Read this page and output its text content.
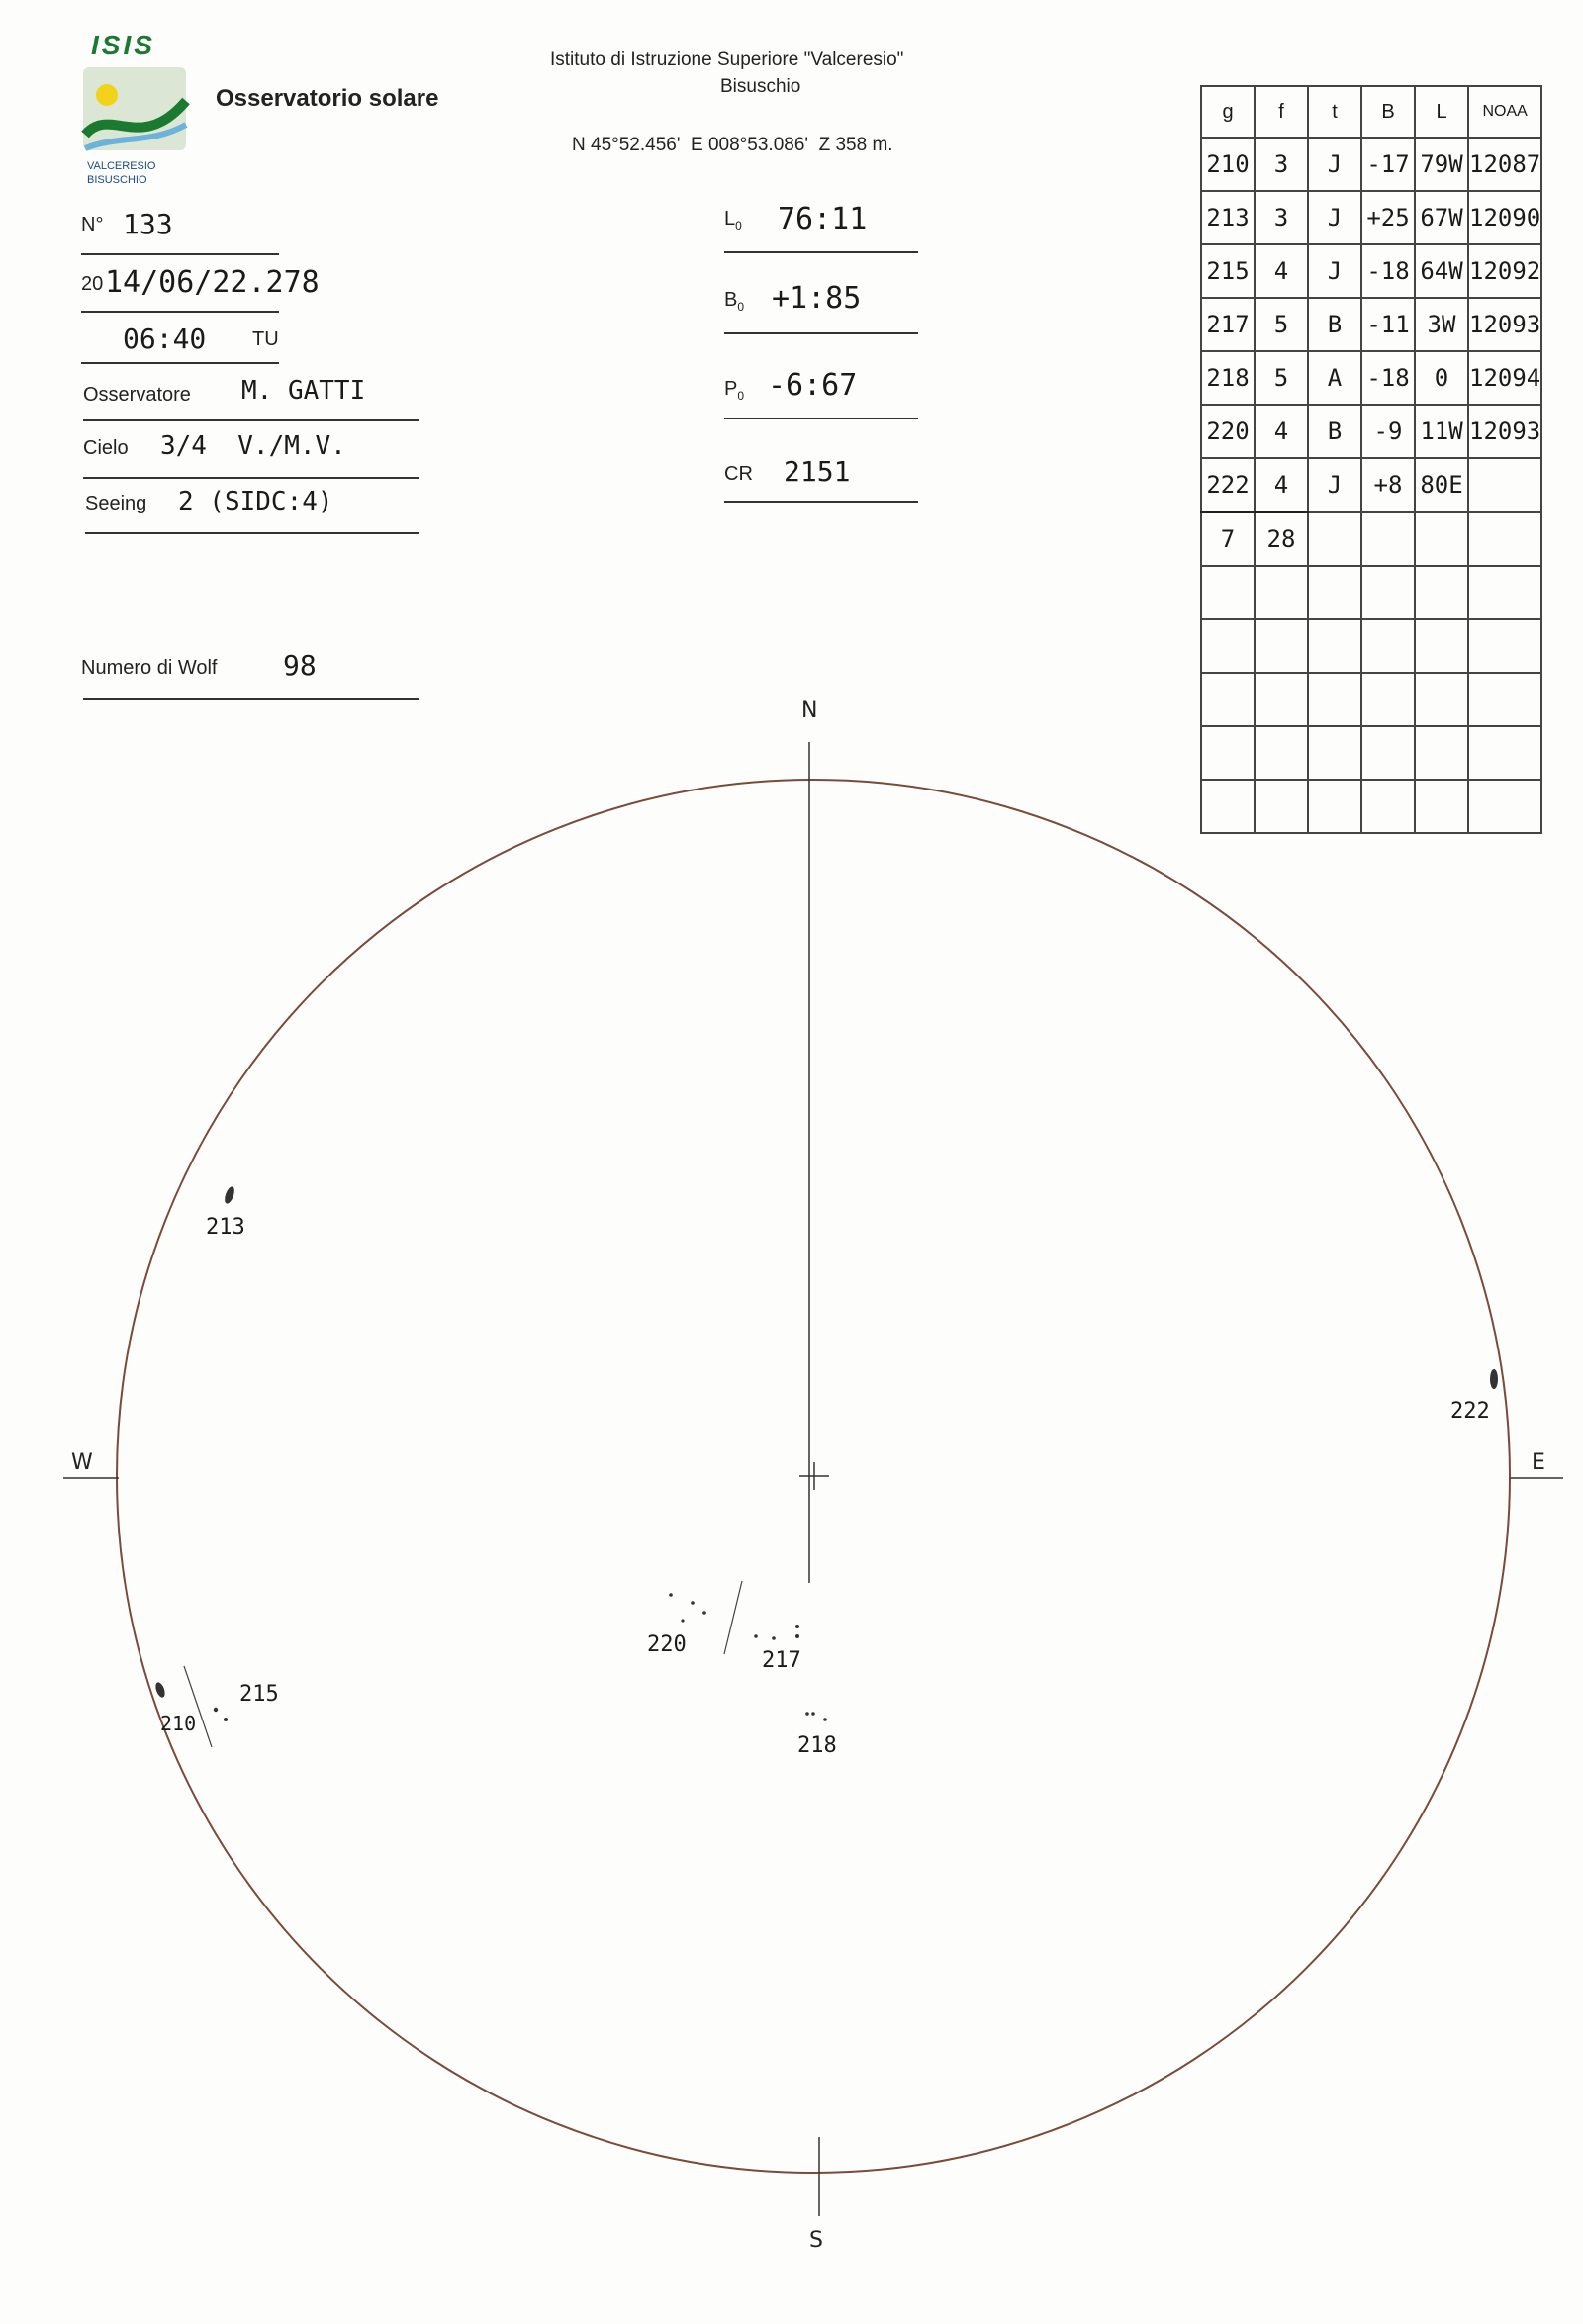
ISIS
VALCERESIO
BISUSCHIO
Osservatorio solare
Istituto di Istruzione Superiore "Valceresio"
Bisuschio
N 45°52.456'  E 008°53.086'  Z 358 m.
N° 133
20 14/06/22.278
06:40 TU
Osservatore M. GATTI
Cielo 3/4  V./M.V.
Seeing 2 (SIDC:4)
Numero di Wolf 98
$L_0$ 76:11
$B_0$ +1:85
$P_0$ -6:67
CR 2151
g	f	t	B	L	NOAA
210	3	J	-17	79W	12087
213	3	J	+25	67W	12090
215	4	J	-18	64W	12092
217	5	B	-11	3W	12093
218	5	A	-18	0	12094
220	4	B	-9	11W	12093
222	4	J	+8	80E	
7	28				

N
S
W	E
213
222
210
215
220
217
218
